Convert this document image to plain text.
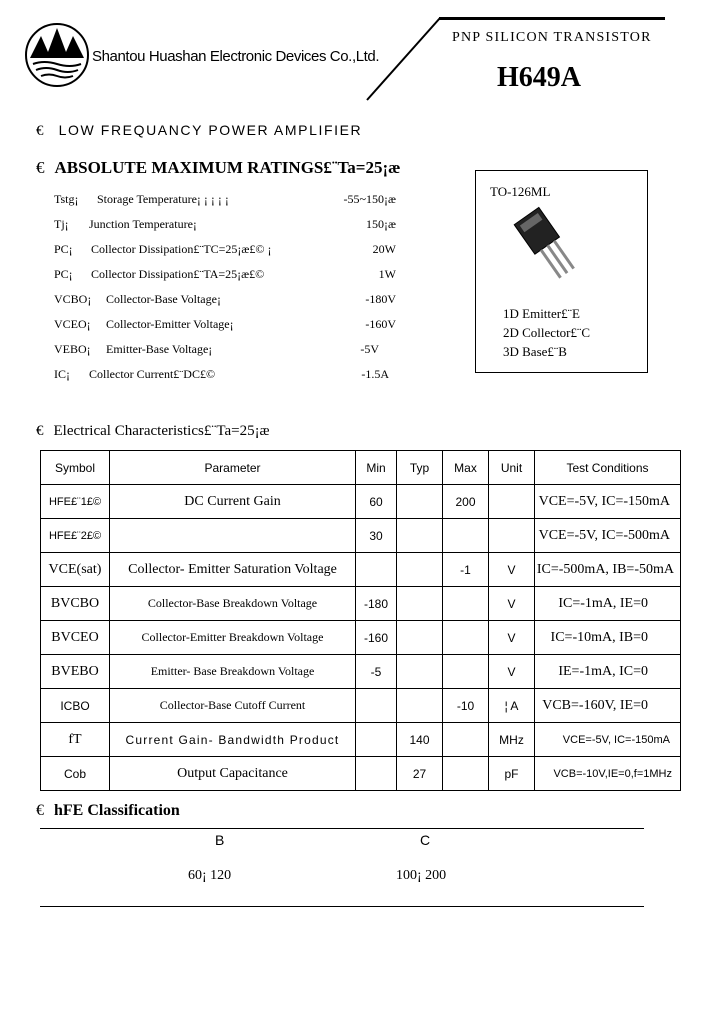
Shantou Huashan Electronic Devices Co.,Ltd.
PNP SILICON TRANSISTOR
H649A
€ LOW FREQUANCY POWER AMPLIFIER
€ ABSOLUTE MAXIMUM RATINGS£¨Ta=25¡æ
Tstg¡ Storage Temperature¡ ¡ ¡ ¡ ¡	-55~150¡æ
Tj¡ Junction Temperature¡	150¡æ
PC¡ Collector Dissipation£¨TC=25¡æ£© ¡	20W
PC¡ Collector Dissipation£¨TA=25¡æ£©	1W
VCBO¡ Collector-Base Voltage¡	-180V
VCEO¡ Collector-Emitter Voltage¡	-160V
VEBO¡ Emitter-Base Voltage¡	-5V
IC¡ Collector Current£¨DC£©	-1.5A
TO-126ML
1D Emitter£¨E
2D Collector£¨C
3D Base£¨B
€ Electrical Characteristics£¨Ta=25¡æ
Symbol	Parameter	Min	Typ	Max	Unit	Test Conditions
HFE£¨1£©	DC Current Gain	60		200		VCE=-5V, IC=-150mA
HFE£¨2£©		30				VCE=-5V, IC=-500mA
VCE(sat)	Collector- Emitter Saturation Voltage			-1	V	IC=-500mA, IB=-50mA
BVCBO	Collector-Base Breakdown Voltage	-180			V	IC=-1mA, IE=0
BVCEO	Collector-Emitter Breakdown Voltage	-160			V	IC=-10mA, IB=0
BVEBO	Emitter- Base Breakdown Voltage	-5			V	IE=-1mA, IC=0
ICBO	Collector-Base Cutoff Current			-10	¦ A	VCB=-160V, IE=0
fT	Current Gain- Bandwidth Product		140		MHz	VCE=-5V, IC=-150mA
Cob	Output Capacitance		27		pF	VCB=-10V,IE=0,f=1MHz
€ hFE Classification
B	C
60¡ 120	100¡ 200
